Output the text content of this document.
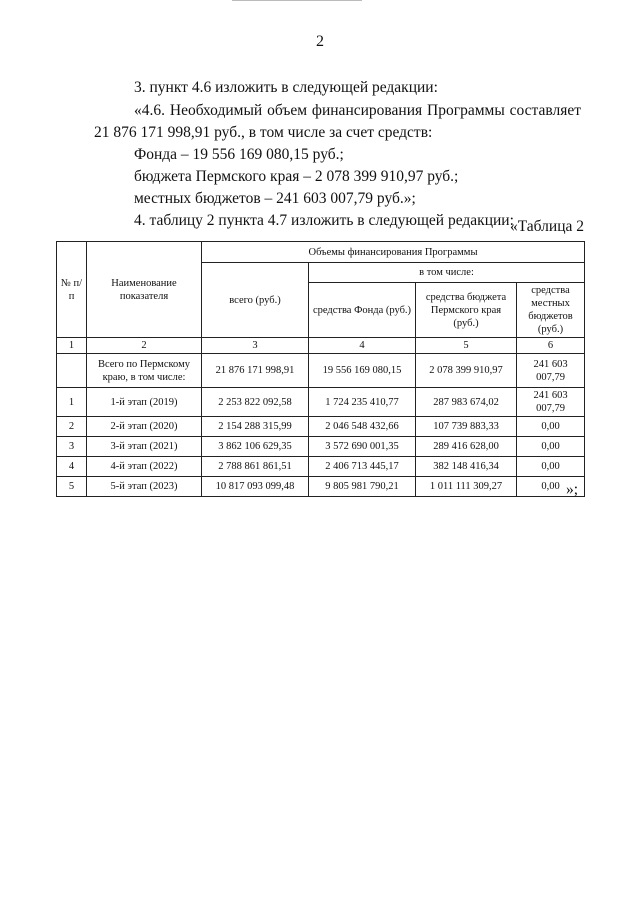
2
3. пункт 4.6 изложить в следующей редакции:
«4.6. Необходимый объем финансирования Программы составляет
21 876 171 998,91 руб., в том числе за счет средств:
Фонда – 19 556 169 080,15 руб.;
бюджета Пермского края – 2 078 399 910,97 руб.;
местных бюджетов – 241 603 007,79 руб.»;
4. таблицу 2 пункта 4.7 изложить в следующей редакции:
«Таблица 2
№ п/п	Наименование показателя	Объемы финансирования Программы			
		всего (руб.)	в том числе:		
			средства Фонда (руб.)	средства бюджета Пермского края (руб.)	средства местных бюджетов (руб.)
1	2	3	4	5	6
	Всего по Пермскому краю, в том числе:	21 876 171 998,91	19 556 169 080,15	2 078 399 910,97	241 603 007,79
1	1-й этап (2019)	2 253 822 092,58	1 724 235 410,77	287 983 674,02	241 603 007,79
2	2-й этап (2020)	2 154 288 315,99	2 046 548 432,66	107 739 883,33	0,00
3	3-й этап (2021)	3 862 106 629,35	3 572 690 001,35	289 416 628,00	0,00
4	4-й этап (2022)	2 788 861 861,51	2 406 713 445,17	382 148 416,34	0,00
5	5-й этап (2023)	10 817 093 099,48	9 805 981 790,21	1 011 111 309,27	0,00 »;
